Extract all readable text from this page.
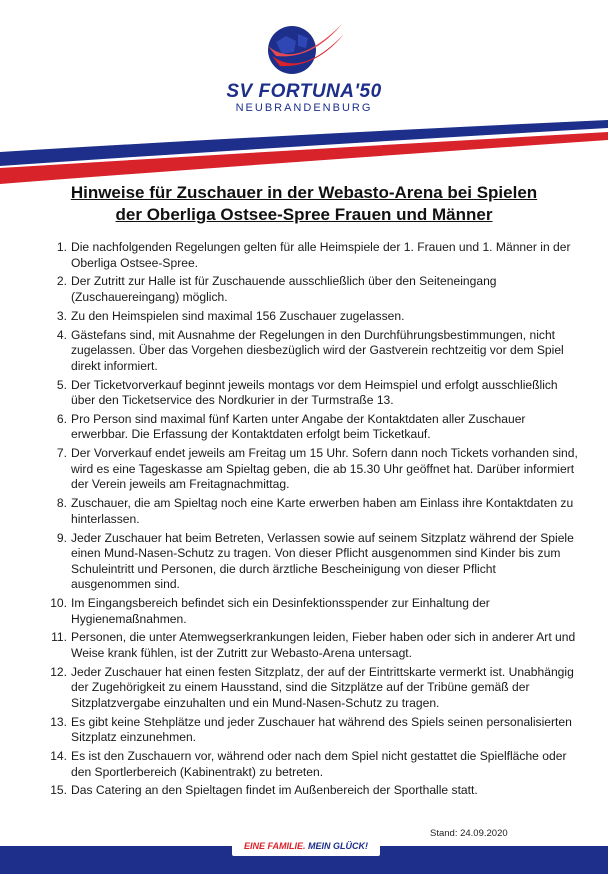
SV FORTUNA'50
NEUBRANDENBURG
Hinweise für Zuschauer in der Webasto-Arena bei Spielen
der Oberliga Ostsee-Spree Frauen und Männer
1. Die nachfolgenden Regelungen gelten für alle Heimspiele der 1. Frauen und 1. Männer in der Oberliga Ostsee-Spree.
2. Der Zutritt zur Halle ist für Zuschauende ausschließlich über den Seiteneingang (Zuschauereingang) möglich.
3. Zu den Heimspielen sind maximal 156 Zuschauer zugelassen.
4. Gästefans sind, mit Ausnahme der Regelungen in den Durchführungsbestimmungen, nicht zugelassen. Über das Vorgehen diesbezüglich wird der Gastverein rechtzeitig vor dem Spiel direkt informiert.
5. Der Ticketvorverkauf beginnt jeweils montags vor dem Heimspiel und erfolgt ausschließlich über den Ticketservice des Nordkurier in der Turmstraße 13.
6. Pro Person sind maximal fünf Karten unter Angabe der Kontaktdaten aller Zuschauer erwerbbar. Die Erfassung der Kontaktdaten erfolgt beim Ticketkauf.
7. Der Vorverkauf endet jeweils am Freitag um 15 Uhr. Sofern dann noch Tickets vorhanden sind, wird es eine Tageskasse am Spieltag geben, die ab 15.30 Uhr geöffnet hat. Darüber informiert der Verein jeweils am Freitagnachmittag.
8. Zuschauer, die am Spieltag noch eine Karte erwerben haben am Einlass ihre Kontaktdaten zu hinterlassen.
9. Jeder Zuschauer hat beim Betreten, Verlassen sowie auf seinem Sitzplatz während der Spiele einen Mund-Nasen-Schutz zu tragen. Von dieser Pflicht ausgenommen sind Kinder bis zum Schuleintritt und Personen, die durch ärztliche Bescheinigung von dieser Pflicht ausgenommen sind.
10. Im Eingangsbereich befindet sich ein Desinfektionsspender zur Einhaltung der Hygienemaßnahmen.
11. Personen, die unter Atemwegserkrankungen leiden, Fieber haben oder sich in anderer Art und Weise krank fühlen, ist der Zutritt zur Webasto-Arena untersagt.
12. Jeder Zuschauer hat einen festen Sitzplatz, der auf der Eintrittskarte vermerkt ist. Unabhängig der Zugehörigkeit zu einem Hausstand, sind die Sitzplätze auf der Tribüne gemäß der Sitzplatzvergabe einzuhalten und ein Mund-Nasen-Schutz zu tragen.
13. Es gibt keine Stehplätze und jeder Zuschauer hat während des Spiels seinen personalisierten Sitzplatz einzunehmen.
14. Es ist den Zuschauern vor, während oder nach dem Spiel nicht gestattet die Spielfläche oder den Sportlerbereich (Kabinentrakt) zu betreten.
15. Das Catering an den Spieltagen findet im Außenbereich der Sporthalle statt.
Stand: 24.09.2020
EINE FAMILIE. MEIN GLÜCK!
